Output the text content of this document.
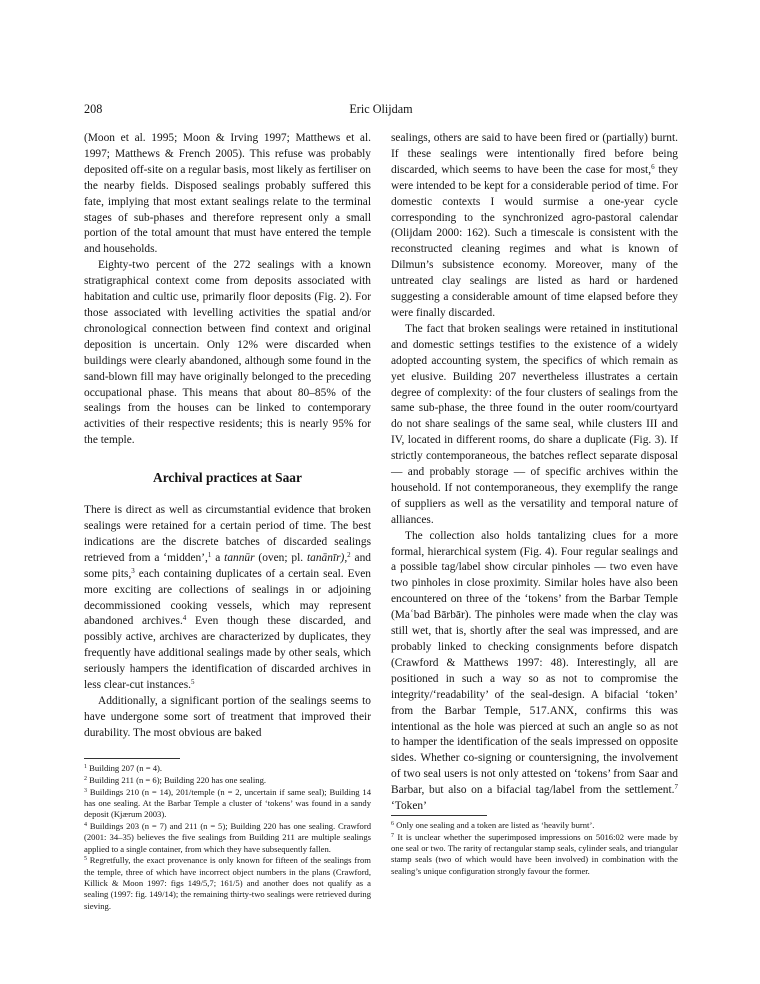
208	Eric Olijdam

(Moon et al. 1995; Moon & Irving 1997; Matthews et al. 1997; Matthews & French 2005). This refuse was probably deposited off-site on a regular basis, most likely as fertiliser on the nearby fields. Disposed sealings probably suffered this fate, implying that most extant sealings relate to the terminal stages of sub-phases and therefore represent only a small portion of the total amount that must have entered the temple and households.

Eighty-two percent of the 272 sealings with a known stratigraphical context come from deposits associated with habitation and cultic use, primarily floor deposits (Fig. 2). For those associated with levelling activities the spatial and/or chronological connection between find context and original deposition is uncertain. Only 12% were discarded when buildings were clearly abandoned, although some found in the sand-blown fill may have originally belonged to the preceding occupational phase. This means that about 80–85% of the sealings from the houses can be linked to contemporary activities of their respective residents; this is nearly 95% for the temple.

Archival practices at Saar

There is direct as well as circumstantial evidence that broken sealings were retained for a certain period of time. The best indications are the discrete batches of discarded sealings retrieved from a ‘midden’,$^1$ a tannūr (oven; pl. tanānīr),$^2$ and some pits,$^3$ each containing duplicates of a certain seal. Even more exciting are collections of sealings in or adjoining decommissioned cooking vessels, which may represent abandoned archives.$^4$ Even though these discarded, and possibly active, archives are characterized by duplicates, they frequently have additional sealings made by other seals, which seriously hampers the identification of discarded archives in less clear-cut instances.$^5$

Additionally, a significant portion of the sealings seems to have undergone some sort of treatment that improved their durability. The most obvious are baked

sealings, others are said to have been fired or (partially) burnt. If these sealings were intentionally fired before being discarded, which seems to have been the case for most,$^6$ they were intended to be kept for a considerable period of time. For domestic contexts I would surmise a one-year cycle corresponding to the synchronized agro-pastoral calendar (Olijdam 2000: 162). Such a timescale is consistent with the reconstructed cleaning regimes and what is known of Dilmun’s subsistence economy. Moreover, many of the untreated clay sealings are listed as hard or hardened suggesting a considerable amount of time elapsed before they were finally discarded.

The fact that broken sealings were retained in institutional and domestic settings testifies to the existence of a widely adopted accounting system, the specifics of which remain as yet elusive. Building 207 nevertheless illustrates a certain degree of complexity: of the four clusters of sealings from the same sub-phase, the three found in the outer room/courtyard do not share sealings of the same seal, while clusters III and IV, located in different rooms, do share a duplicate (Fig. 3). If strictly contemporaneous, the batches reflect separate disposal — and probably storage — of specific archives within the household. If not contemporaneous, they exemplify the range of suppliers as well as the versatility and temporal nature of alliances.

The collection also holds tantalizing clues for a more formal, hierarchical system (Fig. 4). Four regular sealings and a possible tag/label show circular pinholes — two even have two pinholes in close proximity. Similar holes have also been encountered on three of the ‘tokens’ from the Barbar Temple (Maʿbad Bārbār). The pinholes were made when the clay was still wet, that is, shortly after the seal was impressed, and are probably linked to checking consignments before dispatch (Crawford & Matthews 1997: 48). Interestingly, all are positioned in such a way so as not to compromise the integrity/‘readability’ of the seal-design. A bifacial ‘token’ from the Barbar Temple, 517.ANX, confirms this was intentional as the hole was pierced at such an angle so as not to hamper the identification of the seals impressed on opposite sides. Whether co-signing or countersigning, the involvement of two seal users is not only attested on ‘tokens’ from Saar and Barbar, but also on a bifacial tag/label from the settlement.$^7$ ‘Token’

$^1$ Building 207 (n = 4).

$^2$ Building 211 (n = 6); Building 220 has one sealing.

$^3$ Buildings 210 (n = 14), 201/temple (n = 2, uncertain if same seal); Building 14 has one sealing. At the Barbar Temple a cluster of ‘tokens’ was found in a sandy deposit (Kjærum 2003).

$^4$ Buildings 203 (n = 7) and 211 (n = 5); Building 220 has one sealing. Crawford (2001: 34–35) believes the five sealings from Building 211 are multiple sealings applied to a single container, from which they have subsequently fallen.

$^5$ Regretfully, the exact provenance is only known for fifteen of the sealings from the temple, three of which have incorrect object numbers in the plans (Crawford, Killick & Moon 1997: figs 149/5,7; 161/5) and another does not qualify as a sealing (1997: fig. 149/14); the remaining thirty-two sealings were retrieved during sieving.

$^6$ Only one sealing and a token are listed as ‘heavily burnt’.

$^7$ It is unclear whether the superimposed impressions on 5016:02 were made by one seal or two. The rarity of rectangular stamp seals, cylinder seals, and triangular stamp seals (two of which would have been involved) in combination with the sealing’s unique configuration strongly favour the former.
